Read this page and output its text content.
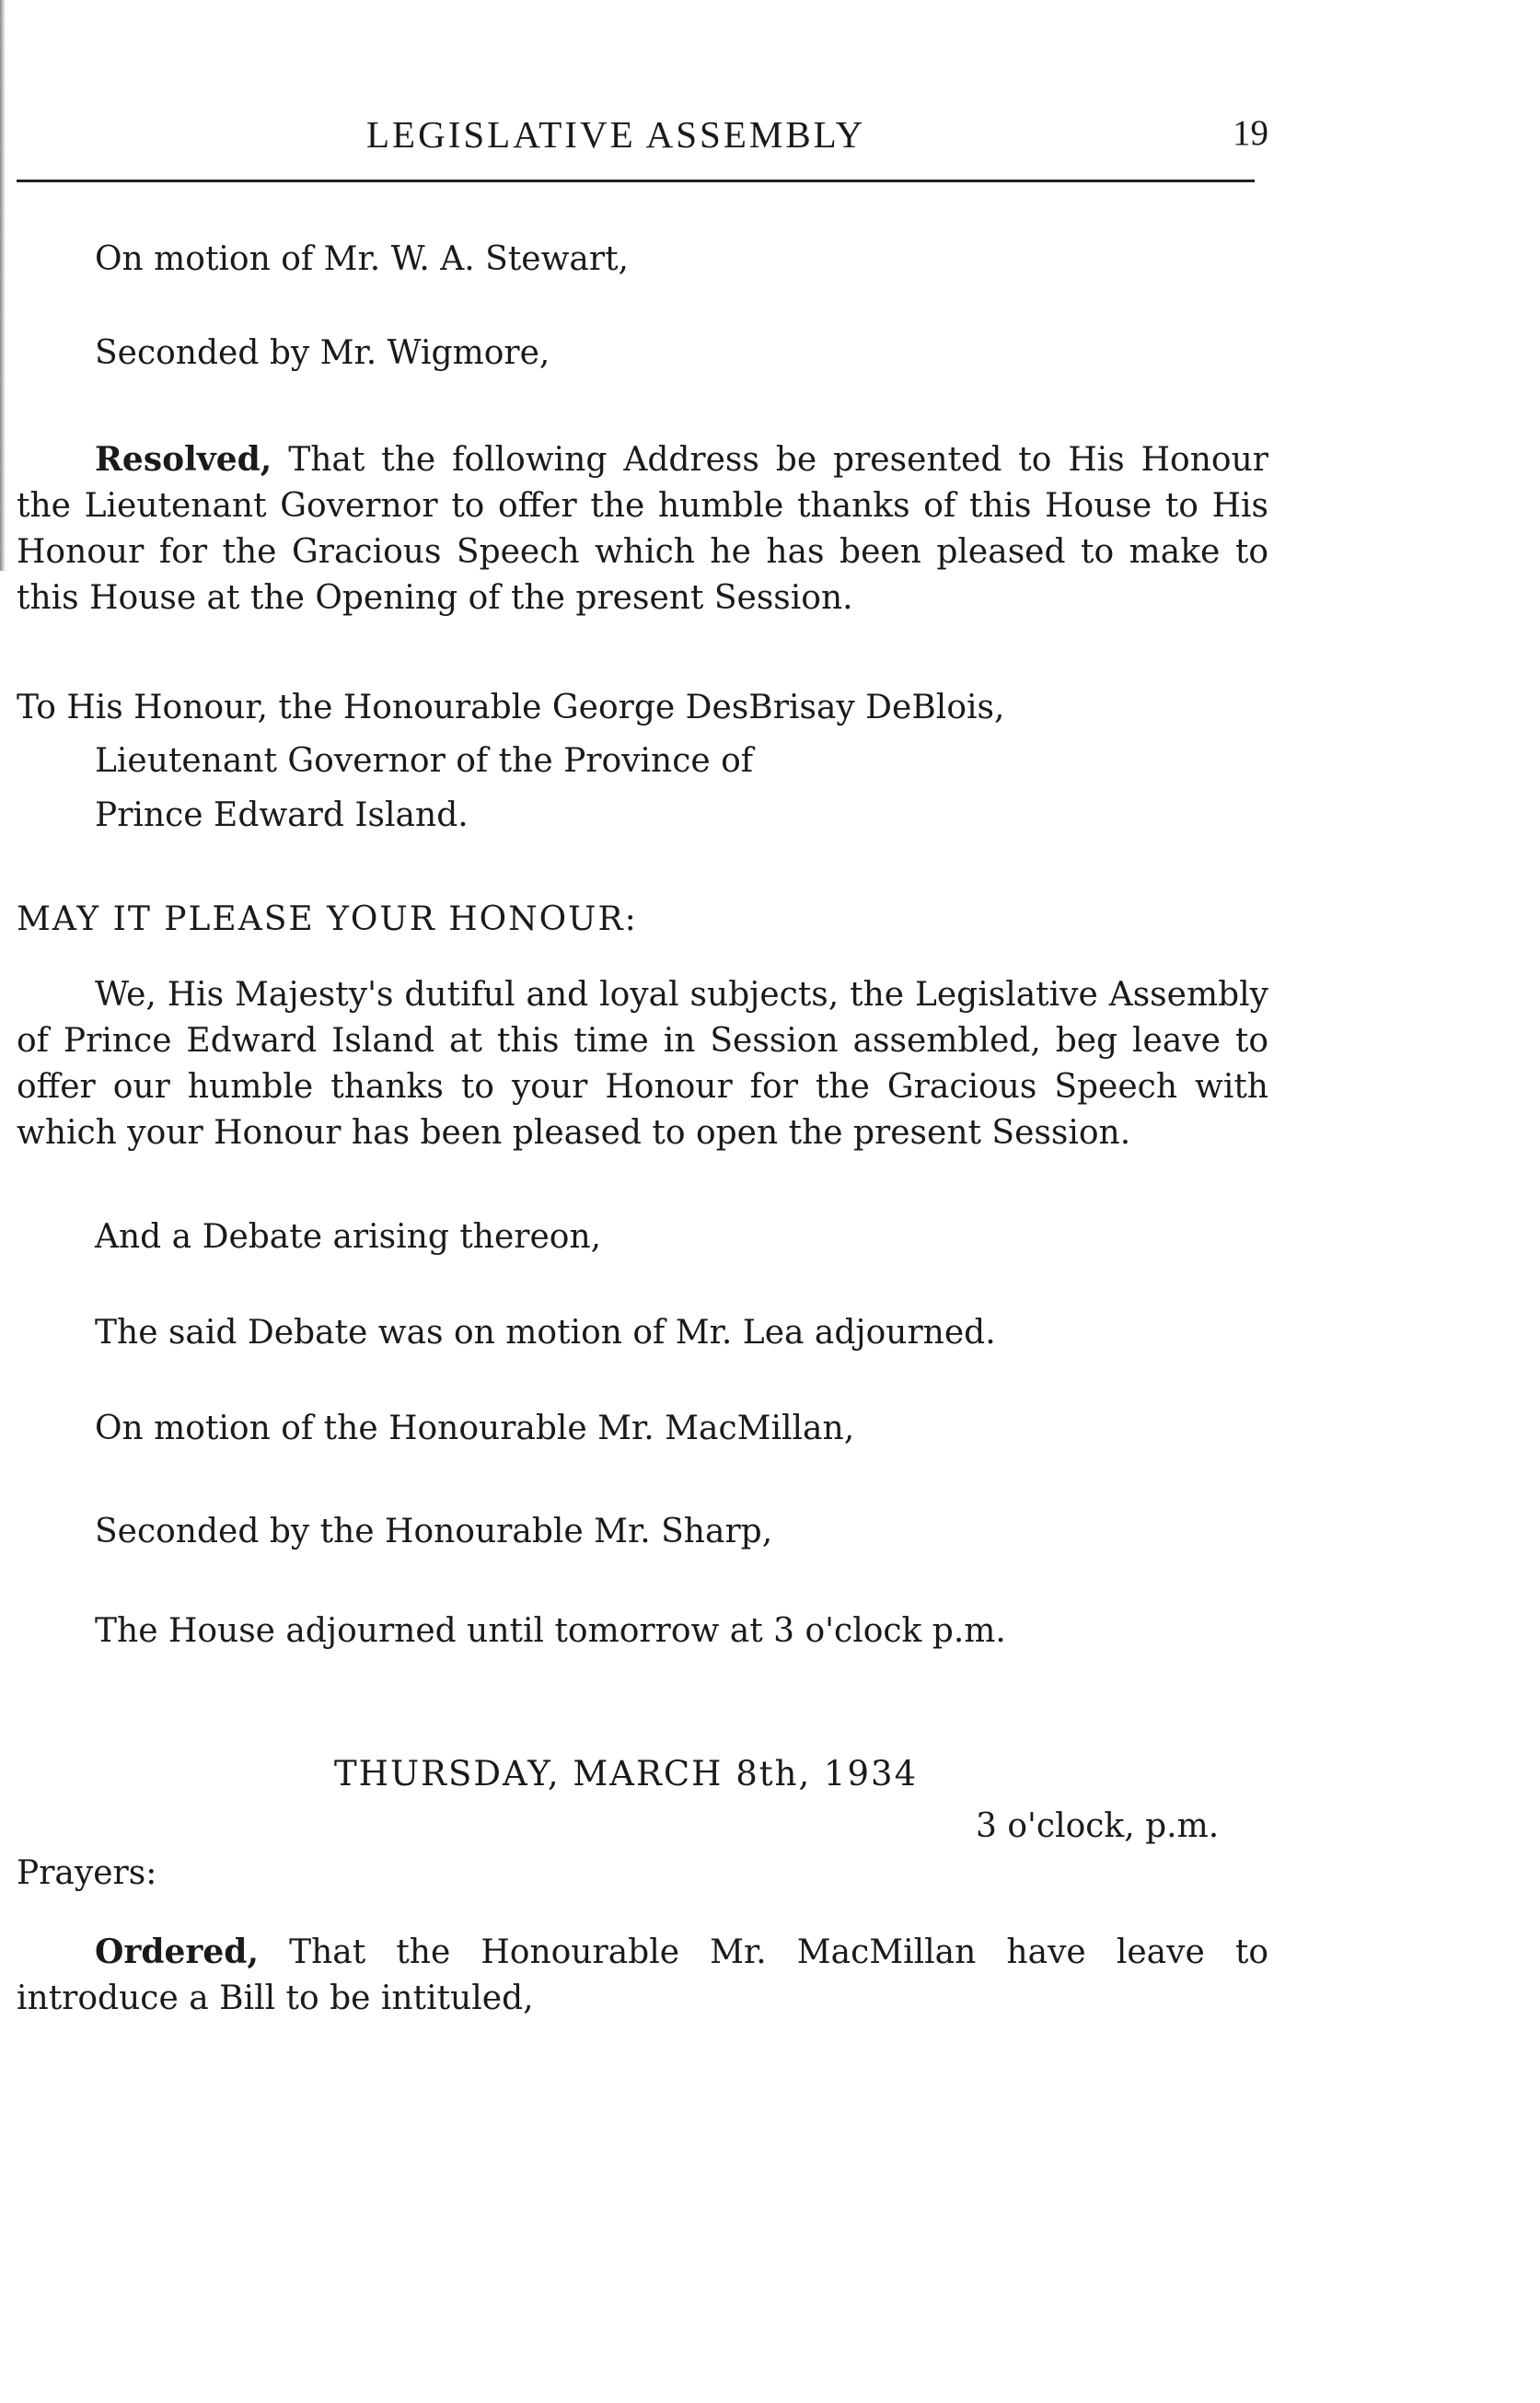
LEGISLATIVE ASSEMBLY	19
On motion of Mr. W. A. Stewart,
Seconded by Mr. Wigmore,
Resolved, That the following Address be presented to His Honour the Lieutenant Governor to offer the humble thanks of this House to His Honour for the Gracious Speech which he has been pleased to make to this House at the Opening of the present Session.
To His Honour, the Honourable George DesBrisay DeBlois,
Lieutenant Governor of the Province of
Prince Edward Island.
MAY IT PLEASE YOUR HONOUR:
We, His Majesty's dutiful and loyal subjects, the Legislative Assembly of Prince Edward Island at this time in Session assembled, beg leave to offer our humble thanks to your Honour for the Gracious Speech with which your Honour has been pleased to open the present Session.
And a Debate arising thereon,
The said Debate was on motion of Mr. Lea adjourned.
On motion of the Honourable Mr. MacMillan,
Seconded by the Honourable Mr. Sharp,
The House adjourned until tomorrow at 3 o'clock p.m.
THURSDAY, MARCH 8th, 1934
3 o'clock, p.m.
Prayers:
Ordered, That the Honourable Mr. MacMillan have leave to introduce a Bill to be intituled,
